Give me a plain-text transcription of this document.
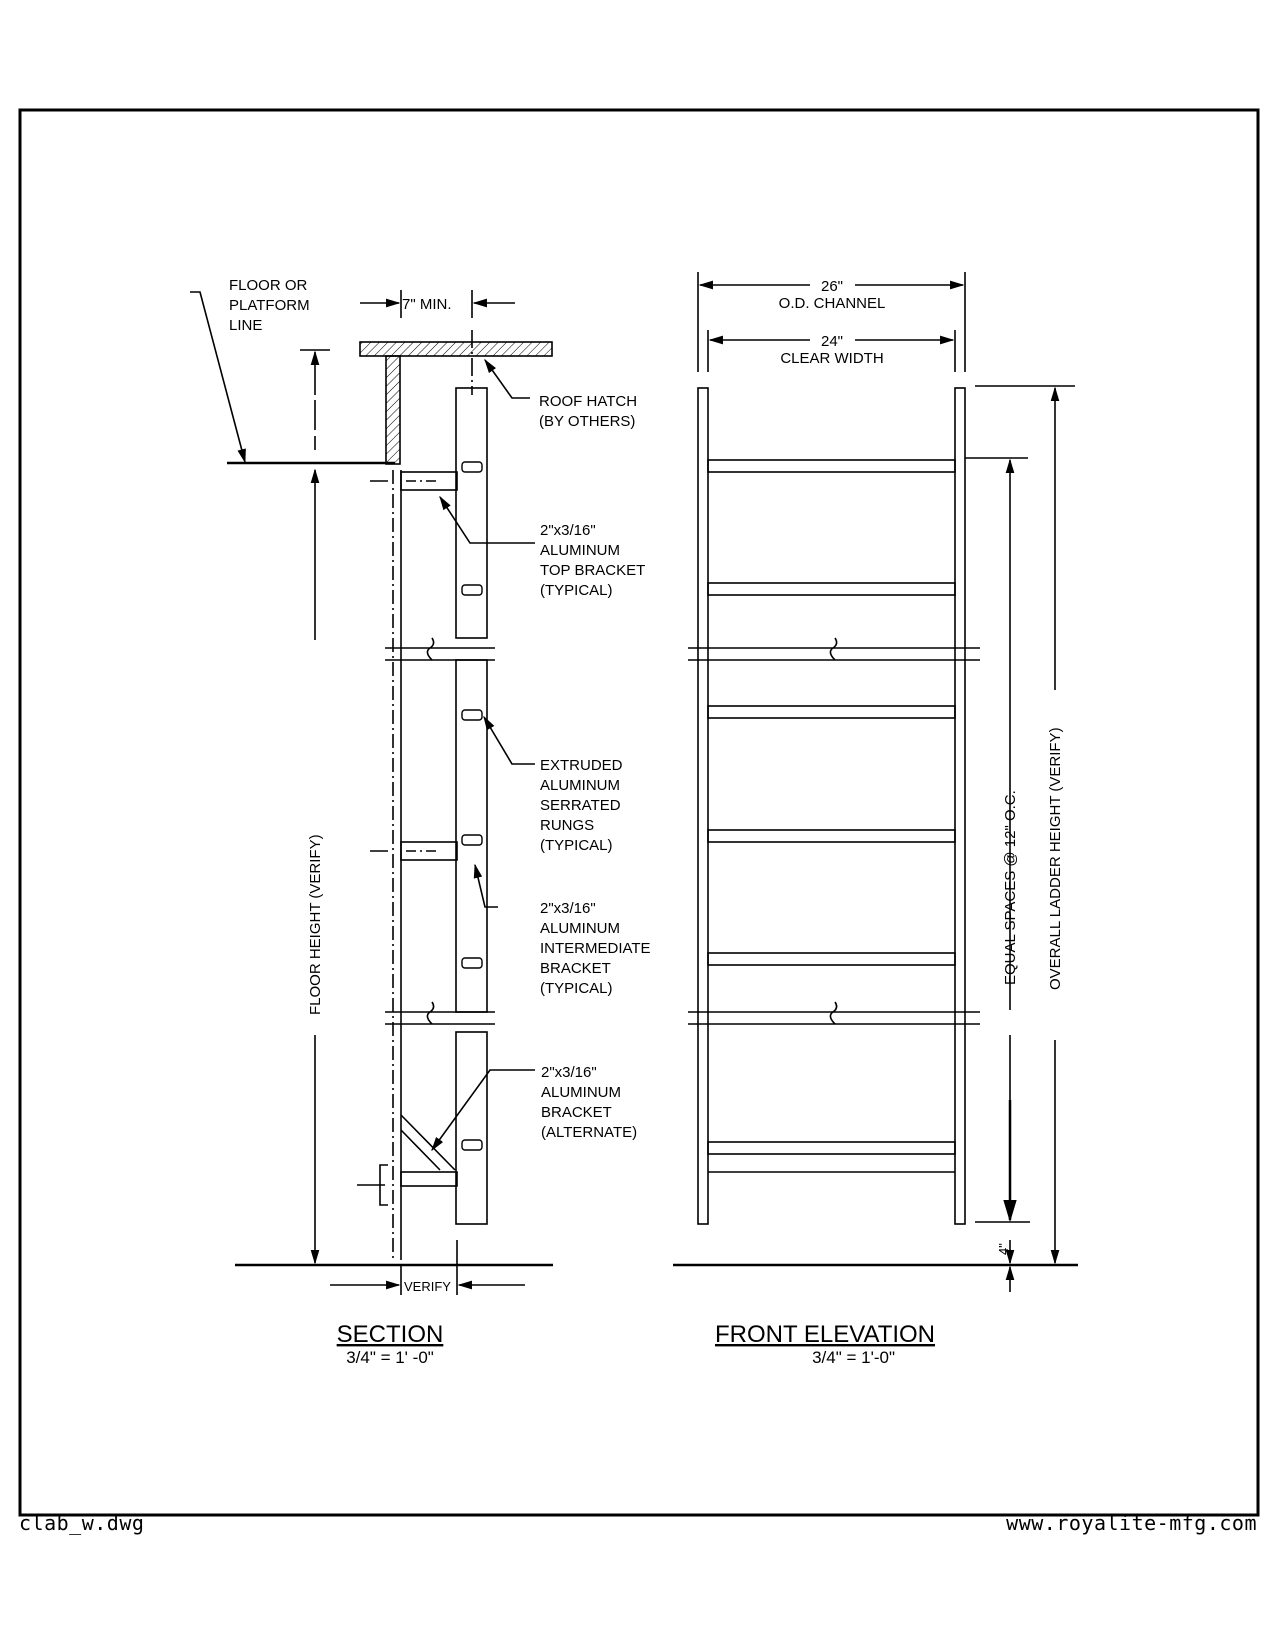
FLOOR OR
PLATFORM
LINE
7" MIN.
ROOF HATCH
(BY OTHERS)
2"x3/16"
ALUMINUM
TOP BRACKET
(TYPICAL)
EXTRUDED
ALUMINUM
SERRATED
RUNGS
(TYPICAL)
2"x3/16"
ALUMINUM
INTERMEDIATE
BRACKET
(TYPICAL)
2"x3/16"
ALUMINUM
BRACKET
(ALTERNATE)
FLOOR HEIGHT (VERIFY)
VERIFY
SECTION
3/4" = 1' -0"
26"
O.D. CHANNEL
24"
CLEAR WIDTH
EQUAL SPACES @ 12" O.C. OVERALL LADDER HEIGHT (VERIFY)
4"
FRONT ELEVATION
3/4" = 1'-0"
clab_w.dwg	www.royalite-mfg.com
